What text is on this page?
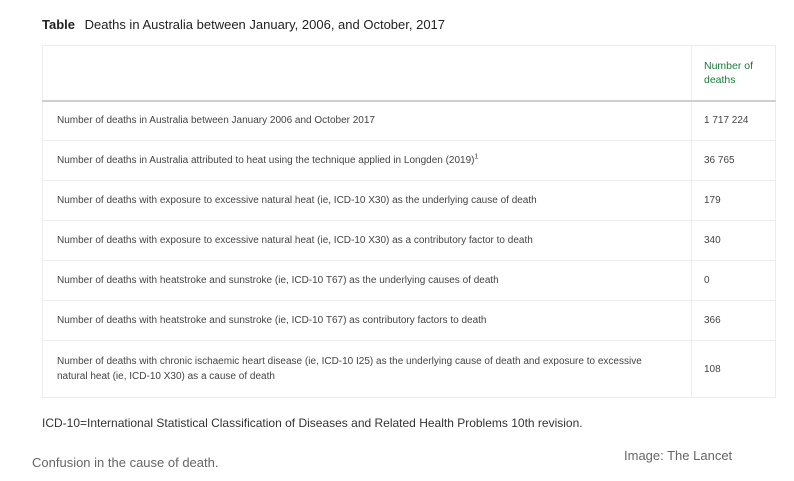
Table Deaths in Australia between January, 2006, and October, 2017
	Number of deaths
Number of deaths in Australia between January 2006 and October 2017	1 717 224
Number of deaths in Australia attributed to heat using the technique applied in Longden $(2019)^1$	36 765
Number of deaths with exposure to excessive natural heat (ie, ICD-10 X30) as the underlying cause of death	179
Number of deaths with exposure to excessive natural heat (ie, ICD-10 X30) as a contributory factor to death	340
Number of deaths with heatstroke and sunstroke (ie, ICD-10 T67) as the underlying causes of death	0
Number of deaths with heatstroke and sunstroke (ie, ICD-10 T67) as contributory factors to death	366
Number of deaths with chronic ischaemic heart disease (ie, ICD-10 I25) as the underlying cause of death and exposure to excessive natural heat (ie, ICD-10 X30) as a cause of death	108
ICD-10=International Statistical Classification of Diseases and Related Health Problems 10th revision.
Confusion in the cause of death.	Image: The Lancet
